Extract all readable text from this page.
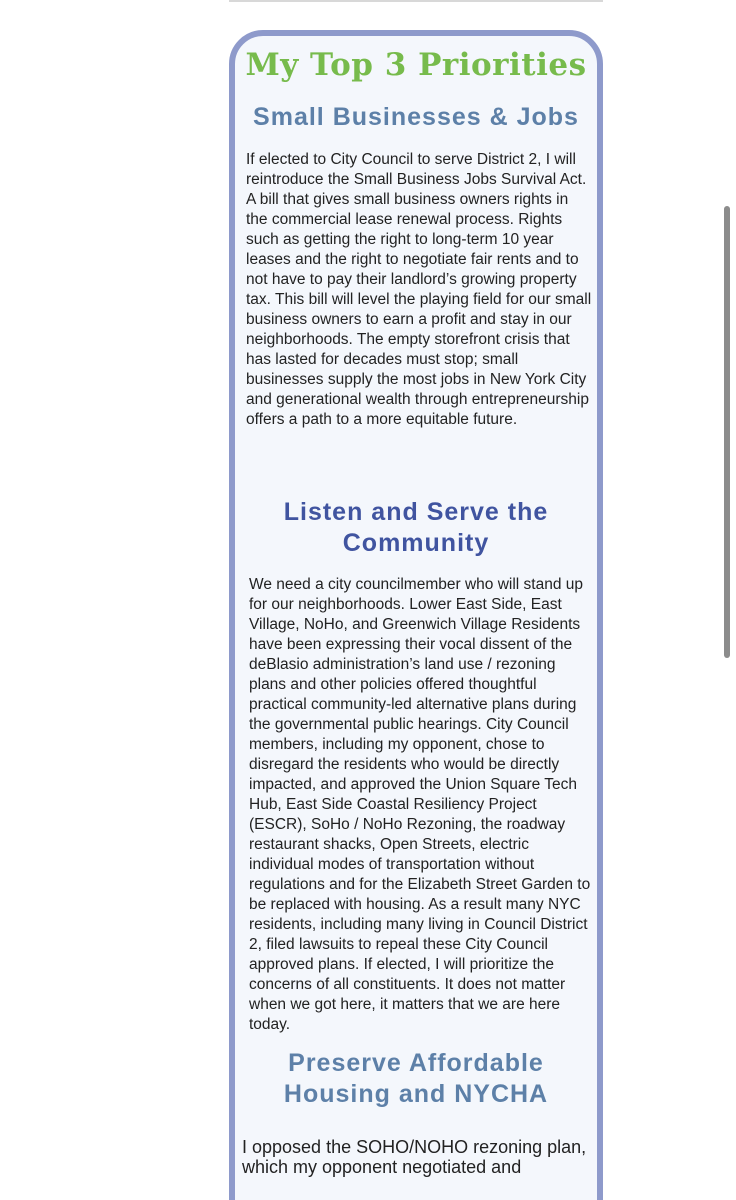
My Top 3 Priorities
Small Businesses & Jobs
If elected to City Council to serve District 2, I will reintroduce the Small Business Jobs Survival Act. A bill that gives small business owners rights in the commercial lease renewal process. Rights such as getting the right to long-term 10 year leases and the right to negotiate fair rents and to not have to pay their landlord’s growing property tax. This bill will level the playing field for our small business owners to earn a profit and stay in our neighborhoods. The empty storefront crisis that has lasted for decades must stop; small businesses supply the most jobs in New York City and generational wealth through entrepreneurship offers a path to a more equitable future.
Listen and Serve the Community
We need a city councilmember who will stand up for our neighborhoods. Lower East Side, East Village, NoHo, and Greenwich Village Residents have been expressing their vocal dissent of the deBlasio administration’s land use / rezoning plans and other policies offered thoughtful practical community-led alternative plans during the governmental public hearings. City Council members, including my opponent, chose to disregard the residents who would be directly impacted, and approved the Union Square Tech Hub, East Side Coastal Resiliency Project (ESCR), SoHo / NoHo Rezoning, the roadway restaurant shacks, Open Streets, electric individual modes of transportation without regulations and for the Elizabeth Street Garden to be replaced with housing. As a result many NYC residents, including many living in Council District 2, filed lawsuits to repeal these City Council approved plans. If elected, I will prioritize the concerns of all constituents. It does not matter when we got here, it matters that we are here today.
Preserve Affordable Housing and NYCHA
I opposed the SOHO/NOHO rezoning plan, which my opponent negotiated and
